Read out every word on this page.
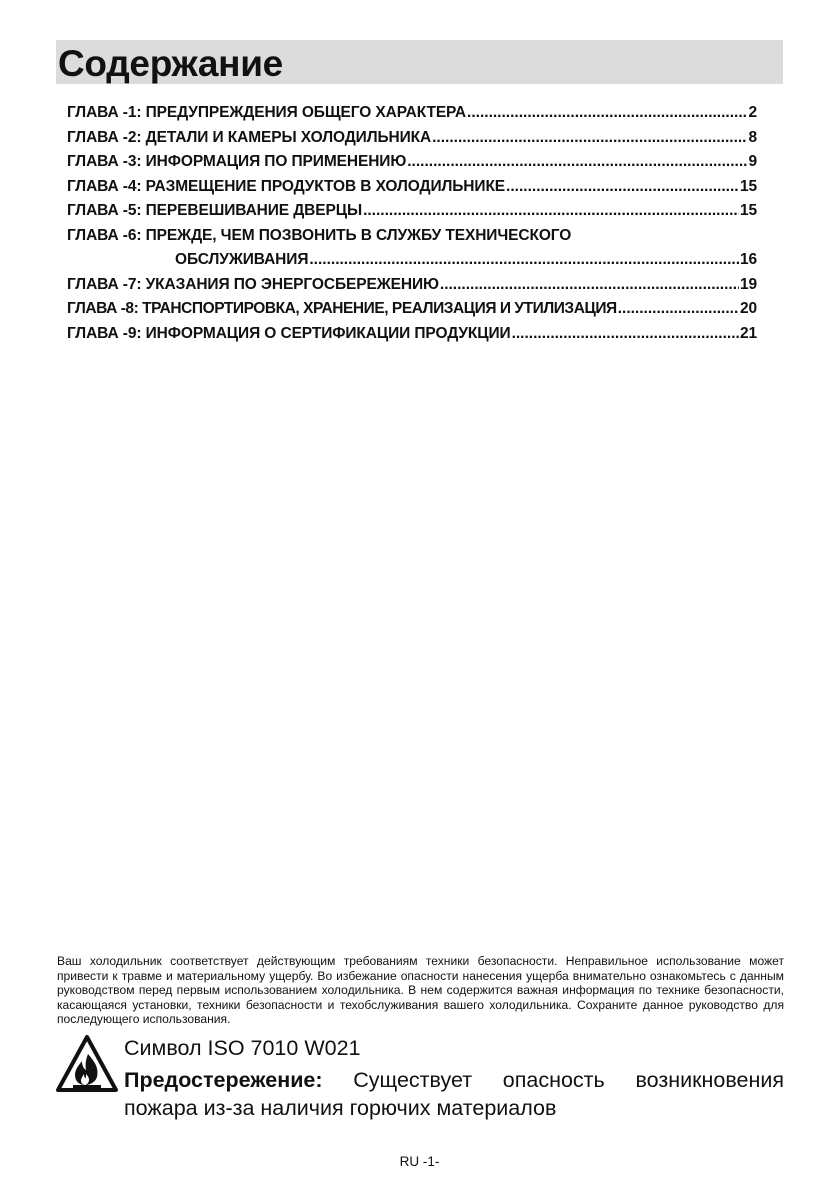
Содержание
ГЛАВА -1: ПРЕДУПРЕЖДЕНИЯ ОБЩЕГО ХАРАКТЕРА .....	2
ГЛАВА -2: ДЕТАЛИ И КАМЕРЫ ХОЛОДИЛЬНИКА .....	8
ГЛАВА -3: ИНФОРМАЦИЯ ПО ПРИМЕНЕНИЮ .....	9
ГЛАВА -4: РАЗМЕЩЕНИЕ ПРОДУКТОВ В ХОЛОДИЛЬНИКЕ .....	15
ГЛАВА -5: ПЕРЕВЕШИВАНИЕ ДВЕРЦЫ .....	15
ГЛАВА -6: ПРЕЖДЕ, ЧЕМ ПОЗВОНИТЬ В СЛУЖБУ ТЕХНИЧЕСКОГО
ОБСЛУЖИВАНИЯ .....	16
ГЛАВА -7: УКАЗАНИЯ ПО ЭНЕРГОСБЕРЕЖЕНИЮ .....	19
ГЛАВА -8: ТРАНСПОРТИРОВКА, ХРАНЕНИЕ, РЕАЛИЗАЦИЯ И УТИЛИЗАЦИЯ .....	20
ГЛАВА -9: ИНФОРМАЦИЯ О СЕРТИФИКАЦИИ ПРОДУКЦИИ .....	21

Ваш холодильник соответствует действующим требованиям техники безопасности. Неправильное использование может привести к травме и материальному ущербу. Во избежание опасности нанесения ущерба внимательно ознакомьтесь с данным руководством перед первым использованием холодильника. В нем содержится важная информация по технике безопасности, касающаяся установки, техники безопасности и техобслуживания вашего холодильника. Сохраните данное руководство для последующего использования.

Символ ISO 7010 W021

Предостережение: Существует опасность возникновения пожара из-за наличия горючих материалов

RU -1-
